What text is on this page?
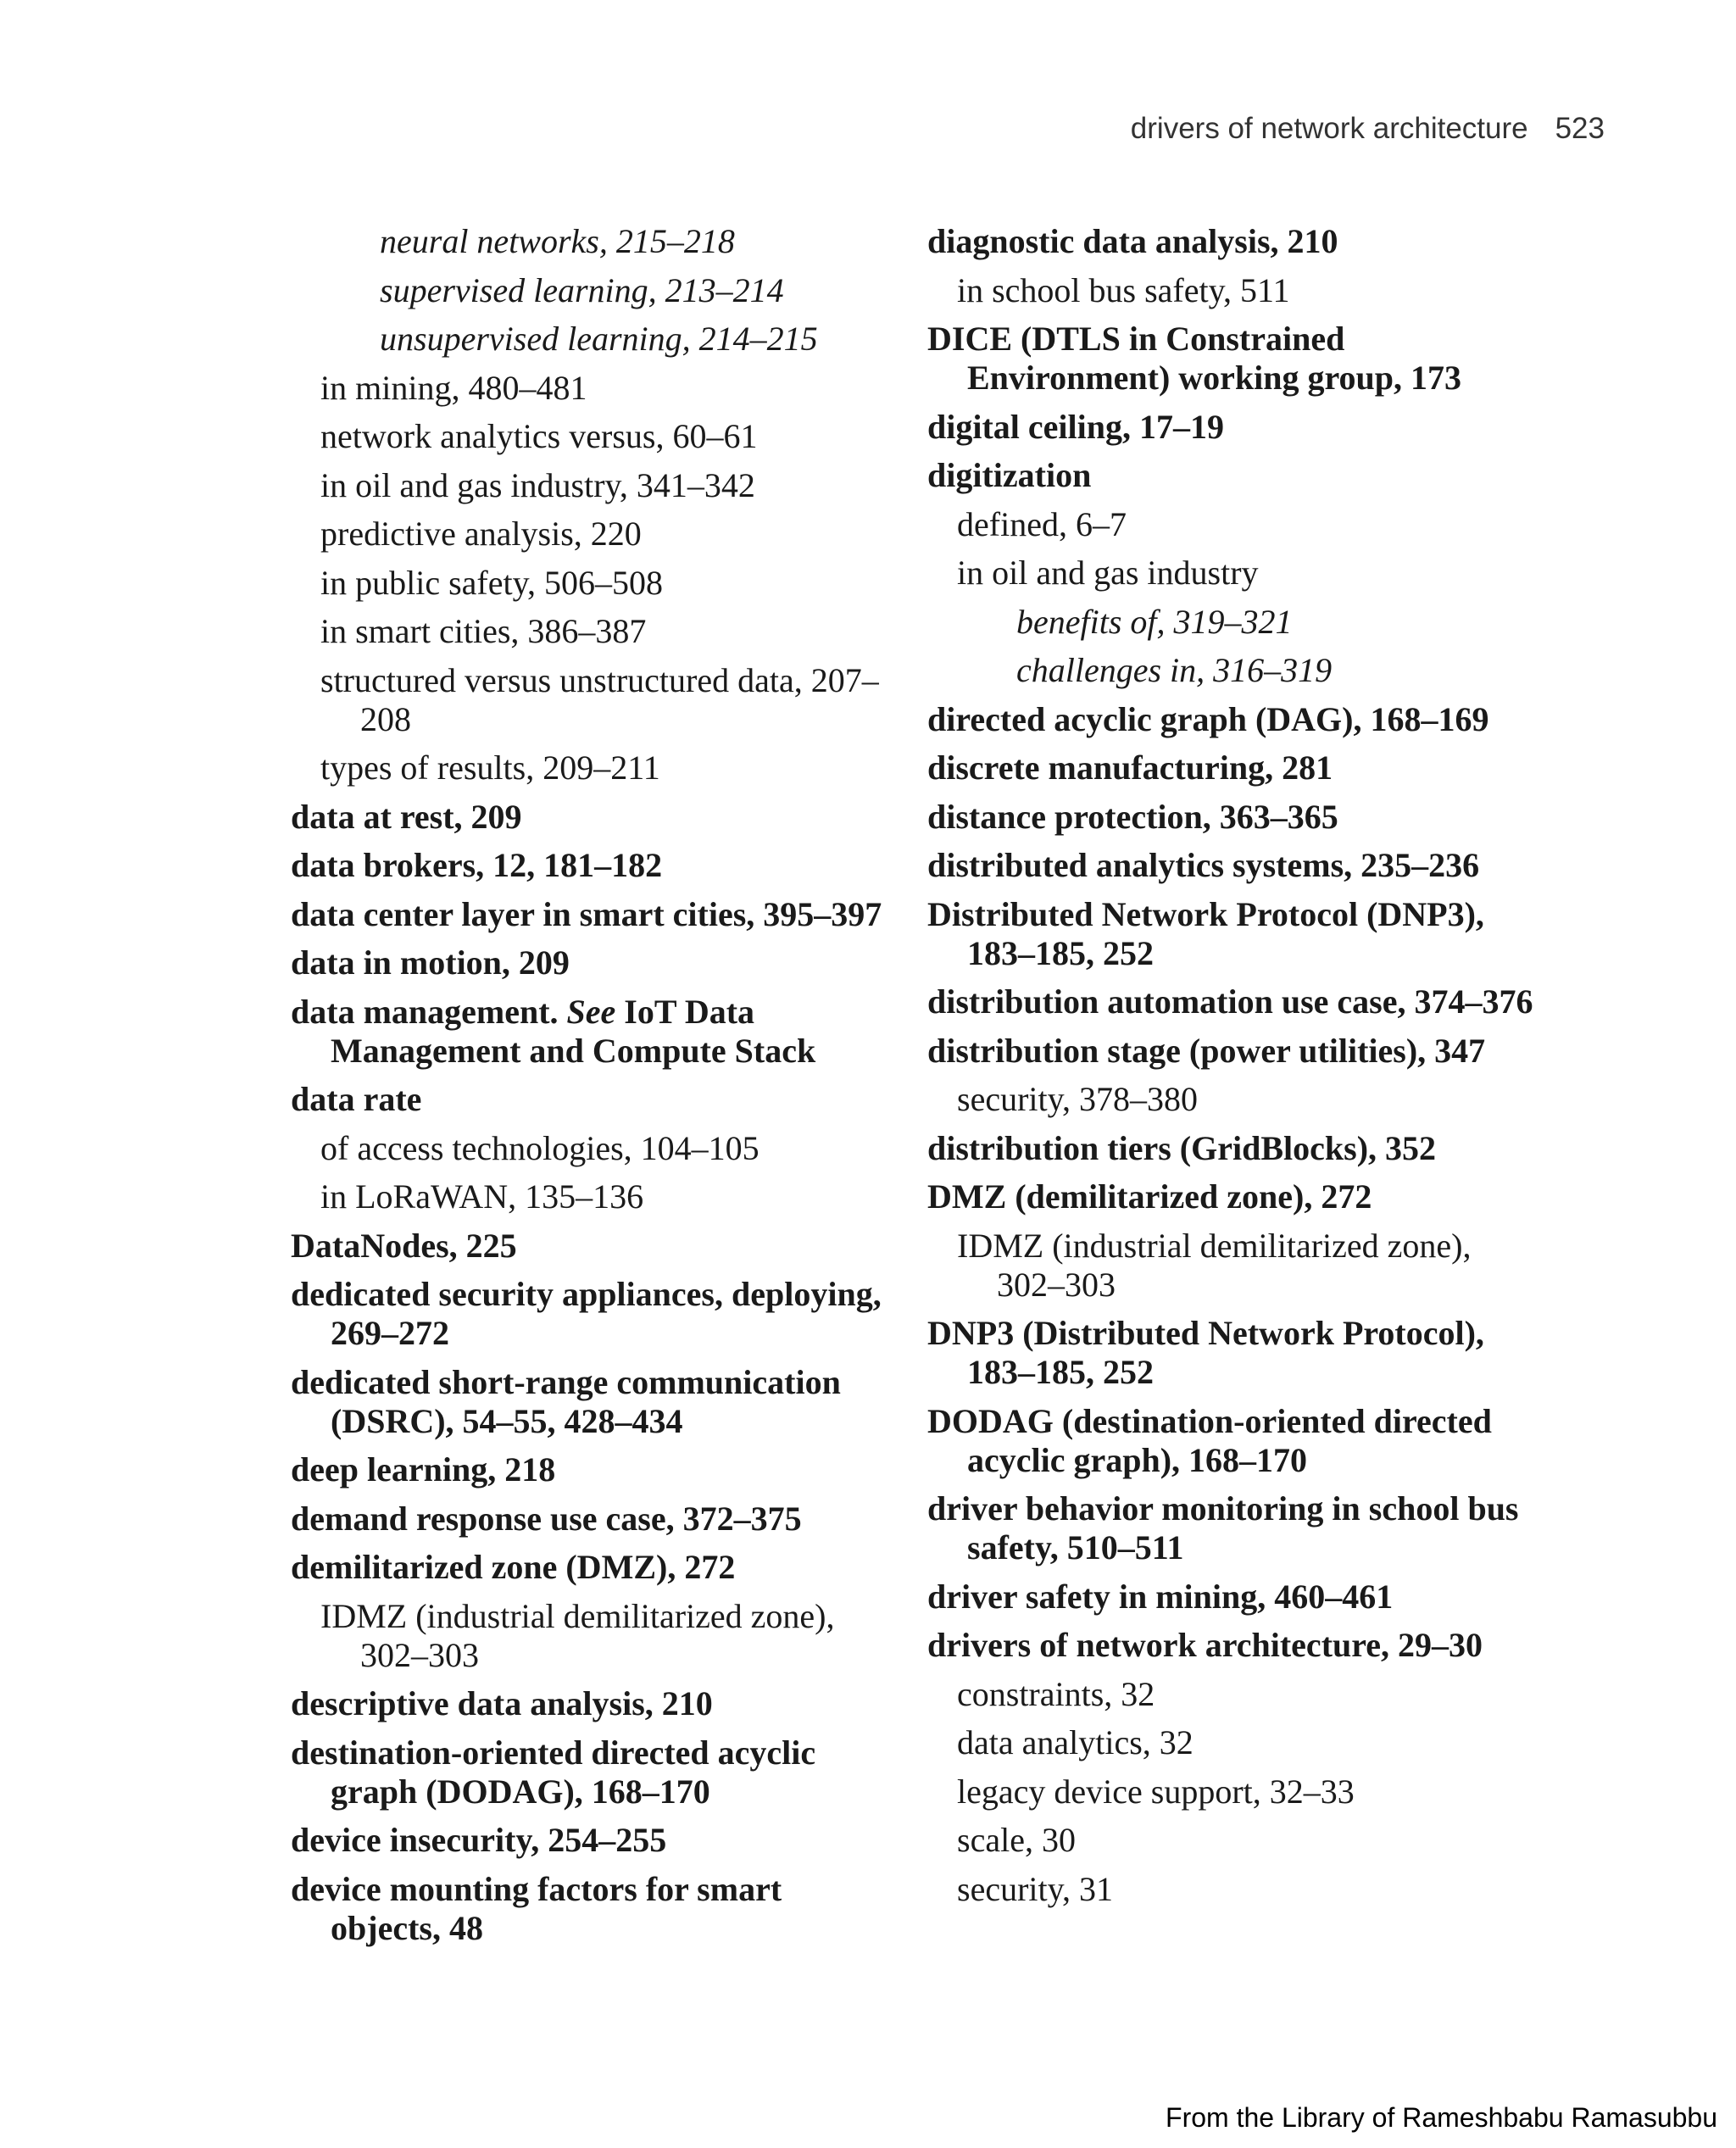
drivers of network architecture 523
neural networks, 215–218
supervised learning, 213–214
unsupervised learning, 214–215
in mining, 480–481
network analytics versus, 60–61
in oil and gas industry, 341–342
predictive analysis, 220
in public safety, 506–508
in smart cities, 386–387
structured versus unstructured data, 207–208
types of results, 209–211
data at rest, 209
data brokers, 12, 181–182
data center layer in smart cities, 395–397
data in motion, 209
data management. See IoT Data Management and Compute Stack
data rate
of access technologies, 104–105
in LoRaWAN, 135–136
DataNodes, 225
dedicated security appliances, deploying, 269–272
dedicated short-range communication (DSRC), 54–55, 428–434
deep learning, 218
demand response use case, 372–375
demilitarized zone (DMZ), 272
IDMZ (industrial demilitarized zone), 302–303
descriptive data analysis, 210
destination-oriented directed acyclic graph (DODAG), 168–170
device insecurity, 254–255
device mounting factors for smart objects, 48
diagnostic data analysis, 210
in school bus safety, 511
DICE (DTLS in Constrained Environment) working group, 173
digital ceiling, 17–19
digitization
defined, 6–7
in oil and gas industry
benefits of, 319–321
challenges in, 316–319
directed acyclic graph (DAG), 168–169
discrete manufacturing, 281
distance protection, 363–365
distributed analytics systems, 235–236
Distributed Network Protocol (DNP3), 183–185, 252
distribution automation use case, 374–376
distribution stage (power utilities), 347
security, 378–380
distribution tiers (GridBlocks), 352
DMZ (demilitarized zone), 272
IDMZ (industrial demilitarized zone), 302–303
DNP3 (Distributed Network Protocol), 183–185, 252
DODAG (destination-oriented directed acyclic graph), 168–170
driver behavior monitoring in school bus safety, 510–511
driver safety in mining, 460–461
drivers of network architecture, 29–30
constraints, 32
data analytics, 32
legacy device support, 32–33
scale, 30
security, 31
From the Library of Rameshbabu Ramasubbu
